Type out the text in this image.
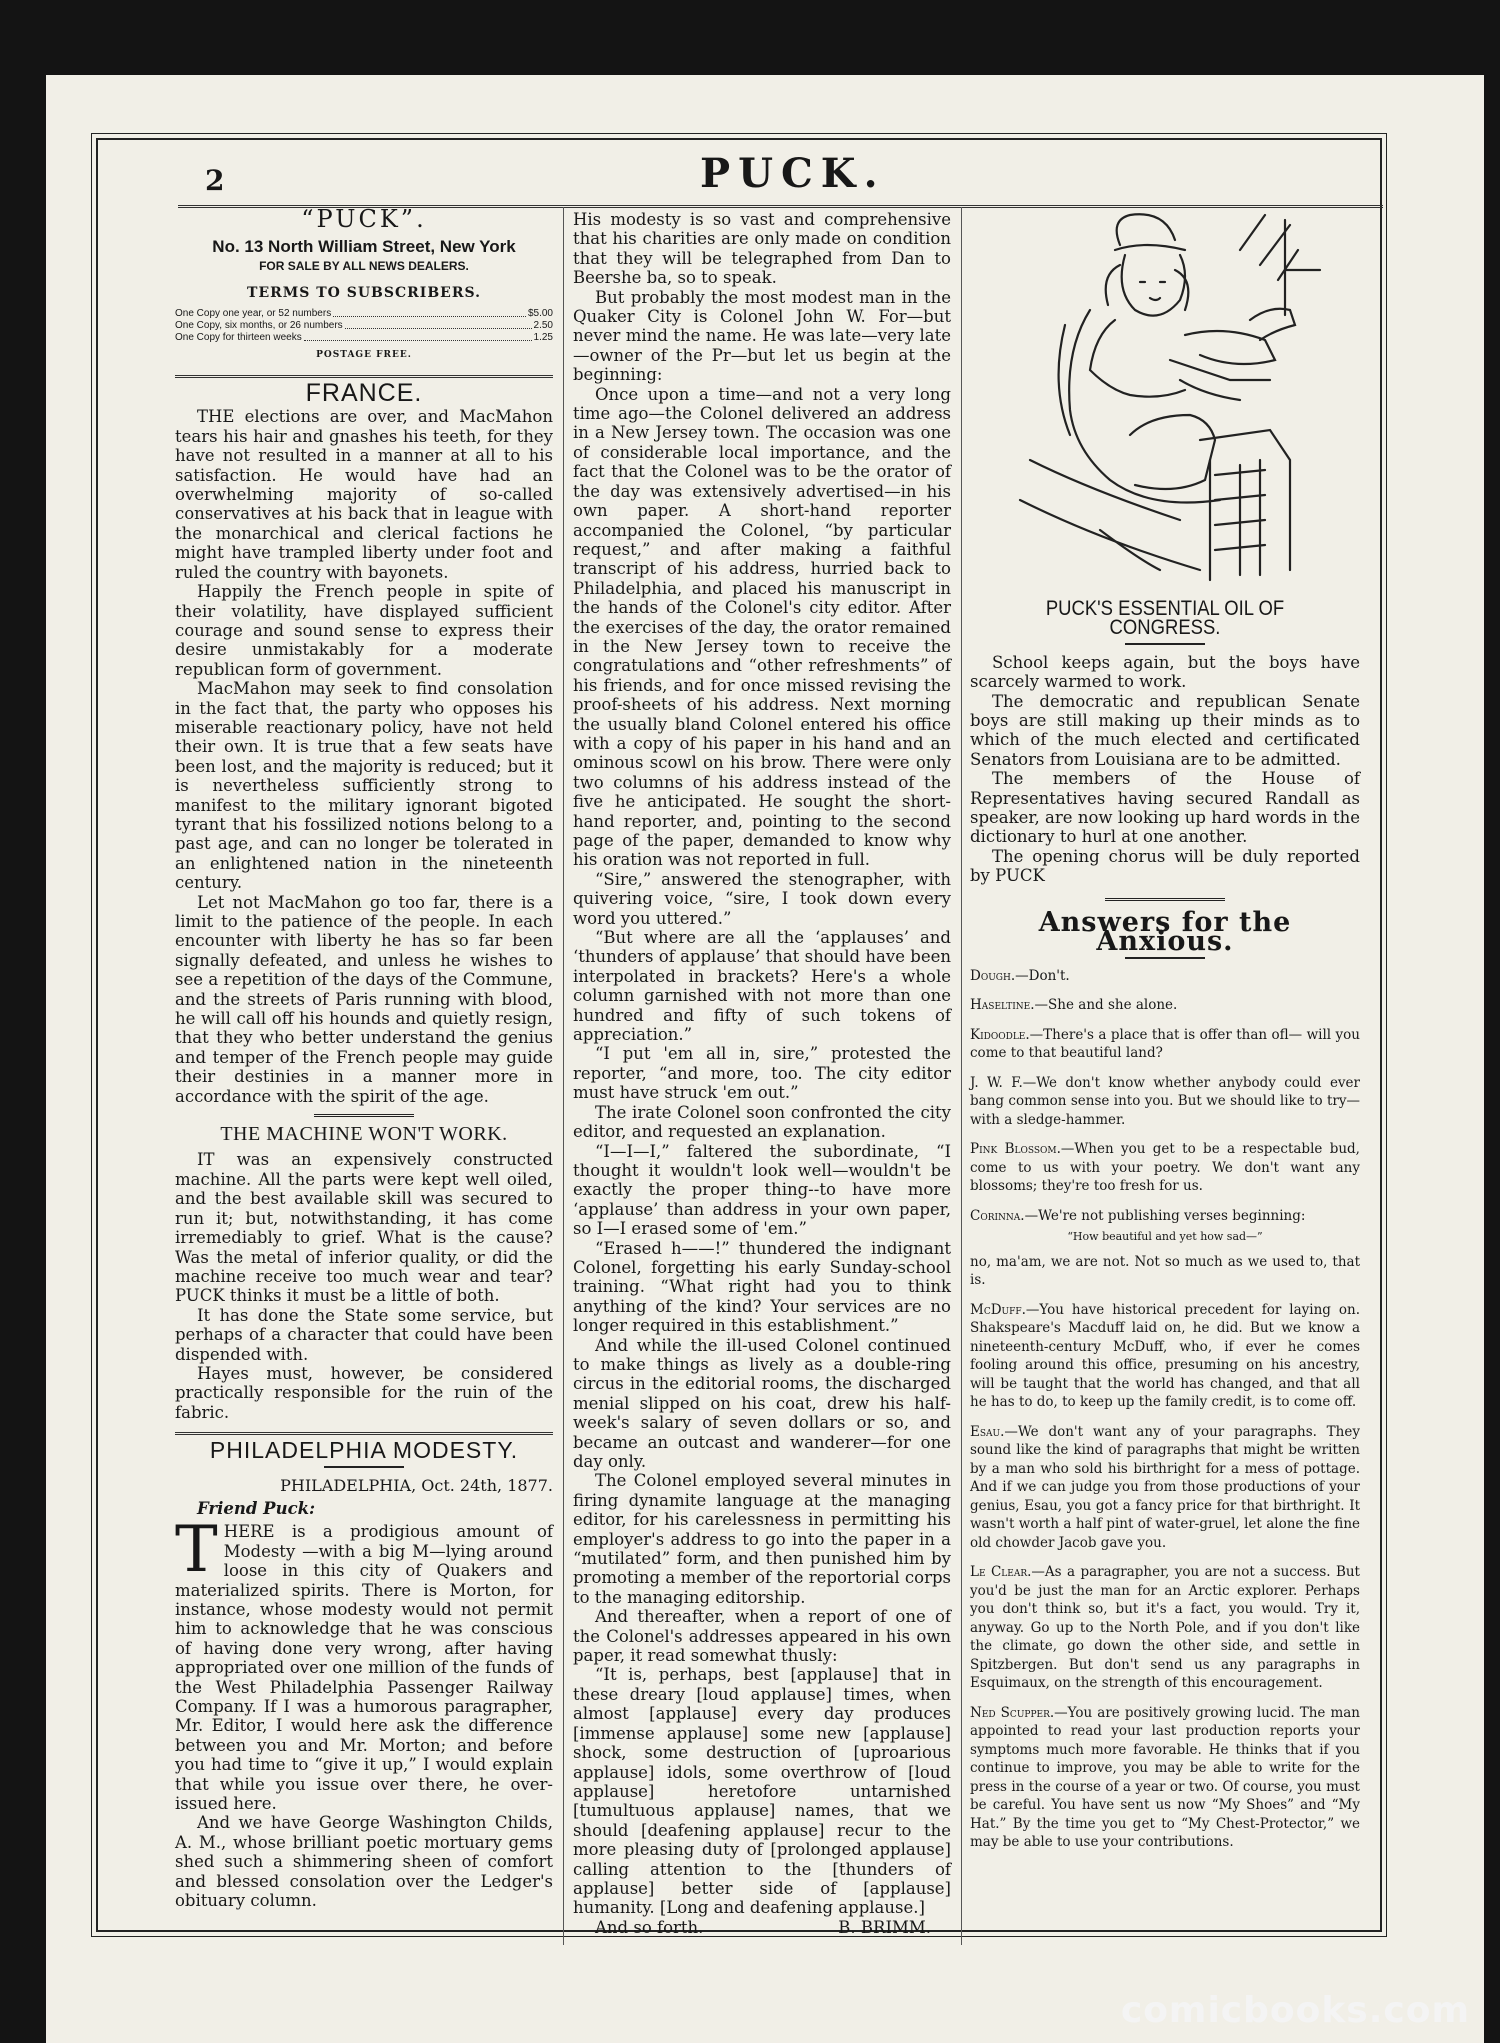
2	PUCK.
“PUCK”.
No. 13 North William Street, New York
FOR SALE BY ALL NEWS DEALERS.
TERMS TO SUBSCRIBERS.
One Copy one year, or 52 numbers	$5.00
One Copy, six months, or 26 numbers	2.50
One Copy for thirteen weeks	1.25
POSTAGE FREE.
FRANCE.

THE elections are over, and MacMahon tears his hair and gnashes his teeth, for they have not resulted in a manner at all to his satisfaction. He would have had an overwhelming majority of so-called conservatives at his back that in league with the monarchical and clerical factions he might have trampled liberty under foot and ruled the country with bayonets.

Happily the French people in spite of their volatility, have displayed sufficient courage and sound sense to express their desire unmistakably for a moderate republican form of government.

MacMahon may seek to find consolation in the fact that, the party who opposes his miserable reactionary policy, have not held their own. It is true that a few seats have been lost, and the majority is reduced; but it is nevertheless sufficiently strong to manifest to the military ignorant bigoted tyrant that his fossilized notions belong to a past age, and can no longer be tolerated in an enlightened nation in the nineteenth century.

Let not MacMahon go too far, there is a limit to the patience of the people. In each encounter with liberty he has so far been signally defeated, and unless he wishes to see a repetition of the days of the Commune, and the streets of Paris running with blood, he will call off his hounds and quietly resign, that they who better understand the genius and temper of the French people may guide their destinies in a manner more in accordance with the spirit of the age.

THE MACHINE WON'T WORK.

IT was an expensively constructed machine. All the parts were kept well oiled, and the best available skill was secured to run it; but, notwithstanding, it has come irremediably to grief. What is the cause? Was the metal of inferior quality, or did the machine receive too much wear and tear? PUCK thinks it must be a little of both.

It has done the State some service, but perhaps of a character that could have been dispended with.

Hayes must, however, be considered practically responsible for the ruin of the fabric.

PHILADELPHIA MODESTY.
PHILADELPHIA, Oct. 24th, 1877.
Friend Puck:

THERE is a prodigious amount of Modesty —with a big M—lying around loose in this city of Quakers and materialized spirits. There is Morton, for instance, whose modesty would not permit him to acknowledge that he was conscious of having done very wrong, after having appropriated over one million of the funds of the West Philadelphia Passenger Railway Company. If I was a humorous paragrapher, Mr. Editor, I would here ask the difference between you and Mr. Morton; and before you had time to “give it up,” I would explain that while you issue over there, he over-issued here.

And we have George Washington Childs, A. M., whose brilliant poetic mortuary gems shed such a shimmering sheen of comfort and blessed consolation over the Ledger's obituary column.

His modesty is so vast and comprehensive that his charities are only made on condition that they will be telegraphed from Dan to Beershe ba, so to speak.

But probably the most modest man in the Quaker City is Colonel John W. For—but never mind the name. He was late—very late—owner of the Pr—but let us begin at the beginning:

Once upon a time—and not a very long time ago—the Colonel delivered an address in a New Jersey town. The occasion was one of considerable local importance, and the fact that the Colonel was to be the orator of the day was extensively advertised—in his own paper. A short-hand reporter accompanied the Colonel, “by particular request,” and after making a faithful transcript of his address, hurried back to Philadelphia, and placed his manuscript in the hands of the Colonel's city editor. After the exercises of the day, the orator remained in the New Jersey town to receive the congratulations and “other refreshments” of his friends, and for once missed revising the proof-sheets of his address. Next morning the usually bland Colonel entered his office with a copy of his paper in his hand and an ominous scowl on his brow. There were only two columns of his address instead of the five he anticipated. He sought the short-hand reporter, and, pointing to the second page of the paper, demanded to know why his oration was not reported in full.

“Sire,” answered the stenographer, with quivering voice, “sire, I took down every word you uttered.”

“But where are all the ‘applauses’ and ‘thunders of applause’ that should have been interpolated in brackets? Here's a whole column garnished with not more than one hundred and fifty of such tokens of appreciation.”

“I put 'em all in, sire,” protested the reporter, “and more, too. The city editor must have struck 'em out.”

The irate Colonel soon confronted the city editor, and requested an explanation.

“I—I—I,” faltered the subordinate, “I thought it wouldn't look well—wouldn't be exactly the proper thing--to have more ‘applause’ than address in your own paper, so I—I erased some of 'em.”

“Erased h——!” thundered the indignant Colonel, forgetting his early Sunday-school training. “What right had you to think anything of the kind? Your services are no longer required in this establishment.”

And while the ill-used Colonel continued to make things as lively as a double-ring circus in the editorial rooms, the discharged menial slipped on his coat, drew his half-week's salary of seven dollars or so, and became an outcast and wanderer—for one day only.

The Colonel employed several minutes in firing dynamite language at the managing editor, for his carelessness in permitting his employer's address to go into the paper in a “mutilated” form, and then punished him by promoting a member of the reportorial corps to the managing editorship.

And thereafter, when a report of one of the Colonel's addresses appeared in his own paper, it read somewhat thusly:

“It is, perhaps, best [applause] that in these dreary [loud applause] times, when almost [applause] every day produces [immense applause] some new [applause] shock, some destruction of [uproarious applause] idols, some overthrow of [loud applause] heretofore untarnished [tumultuous applause] names, that we should [deafening applause] recur to the more pleasing duty of [prolonged applause] calling attention to the [thunders of applause] better side of [applause] humanity. [Long and deafening applause.]

And so forth.	B. BRIMM.
PUCK'S ESSENTIAL OIL OF CONGRESS.

School keeps again, but the boys have scarcely warmed to work.

The democratic and republican Senate boys are still making up their minds as to which of the much elected and certificated Senators from Louisiana are to be admitted.

The members of the House of Representatives having secured Randall as speaker, are now looking up hard words in the dictionary to hurl at one another.

The opening chorus will be duly reported by PUCK

Answers for the Anxious.

Dough.—Don't.

Haseltine.—She and she alone.

Kidoodle.—There's a place that is offer than ofl— will you come to that beautiful land?

J. W. F.—We don't know whether anybody could ever bang common sense into you. But we should like to try—with a sledge-hammer.

Pink Blossom.—When you get to be a respectable bud, come to us with your poetry. We don't want any blossoms; they're too fresh for us.

Corinna.—We're not publishing verses beginning:

“How beautiful and yet how sad—”

no, ma'am, we are not. Not so much as we used to, that is.

McDuff.—You have historical precedent for laying on. Shakspeare's Macduff laid on, he did. But we know a nineteenth-century McDuff, who, if ever he comes fooling around this office, presuming on his ancestry, will be taught that the world has changed, and that all he has to do, to keep up the family credit, is to come off.

Esau.—We don't want any of your paragraphs. They sound like the kind of paragraphs that might be written by a man who sold his birthright for a mess of pottage. And if we can judge you from those productions of your genius, Esau, you got a fancy price for that birthright. It wasn't worth a half pint of water-gruel, let alone the fine old chowder Jacob gave you.

Le Clear.—As a paragrapher, you are not a success. But you'd be just the man for an Arctic explorer. Perhaps you don't think so, but it's a fact, you would. Try it, anyway. Go up to the North Pole, and if you don't like the climate, go down the other side, and settle in Spitzbergen. But don't send us any paragraphs in Esquimaux, on the strength of this encouragement.

Ned Scupper.—You are positively growing lucid. The man appointed to read your last production reports your symptoms much more favorable. He thinks that if you continue to improve, you may be able to write for the press in the course of a year or two. Of course, you must be careful. You have sent us now “My Shoes” and “My Hat.” By the time you get to “My Chest-Protector,” we may be able to use your contributions.

comicbooks.com
